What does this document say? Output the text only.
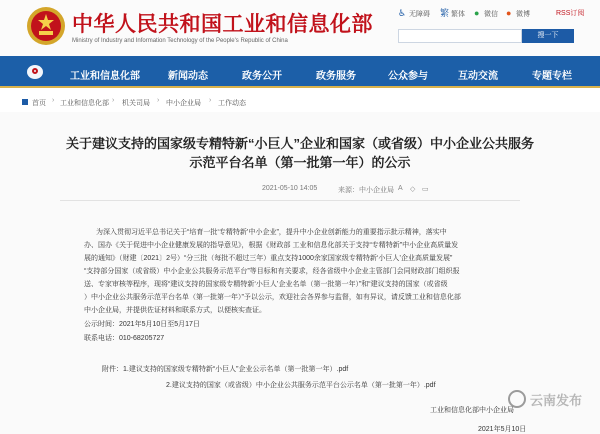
中华人民共和国工业和信息化部
Ministry of Industry and Information Technology of the People's Republic of China
♿ 无障碍 繁 繁体 ● 微信 ● 微博	RSS订阅
搜一下
工业和信息化部	新闻动态	政务公开	政务服务	公众参与	互动交流	专题专栏
首页 › 工业和信息化部 › 机关司局 › 中小企业局 › 工作动态
关于建议支持的国家级专精特新“小巨人”企业和国家（或省级）中小企业公共服务
示范平台名单（第一批第一年）的公示
2021-05-10 14:05	来源：中小企业局 A ◇ ▭
为深入贯彻习近平总书记关于“培育一批‘专精特新’中小企业”，提升中小企业创新能力的重要指示批示精神，落实中
办、国办《关于促进中小企业健康发展的指导意见》，根据《财政部 工业和信息化部关于支持“专精特新”中小企业高质量发
展的通知》（财建〔2021〕2号）“分三批（每批不超过三年）重点支持1000余家国家级专精特新‘小巨人’企业高质量发展”
“支持部分国家（或省级）中小企业公共服务示范平台”等目标和有关要求，经各省级中小企业主管部门会同财政部门组织报
送、专家审核等程序，现将“建议支持的国家级专精特新‘小巨人’企业名单（第一批第一年）”和“建议支持的国家（或省级
）中小企业公共服务示范平台名单（第一批第一年）”予以公示，欢迎社会各界参与监督，如有异议，请反馈工业和信息化部
中小企业局，并提供佐证材料和联系方式，以便核实查证。
公示时间：2021年5月10日至5月17日
联系电话：010-68205727
附件：1.建议支持的国家级专精特新“小巨人”企业公示名单（第一批第一年）.pdf
2.建议支持的国家（或省级）中小企业公共服务示范平台公示名单（第一批第一年）.pdf
工业和信息化部中小企业局
2021年5月10日
云南发布
